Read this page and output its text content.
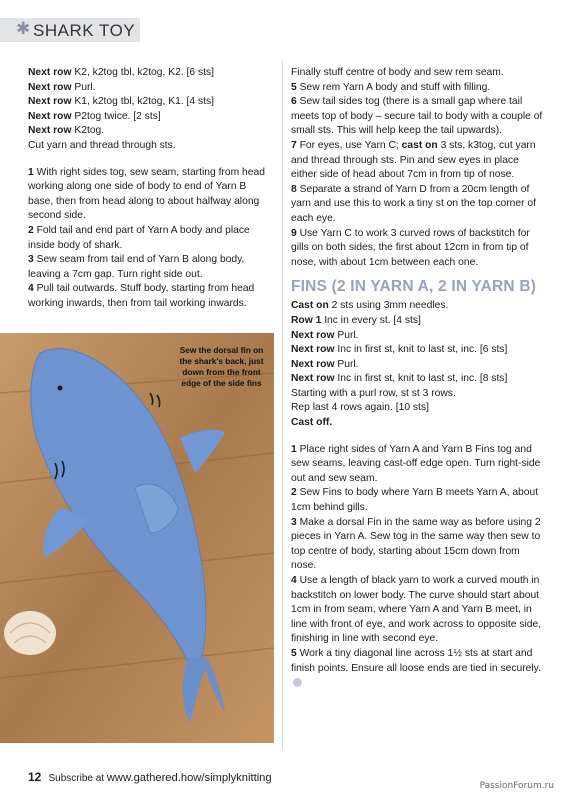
✱ SHARK TOY

Next row K2, k2tog tbl, k2tog, K2. [6 sts]

Next row Purl.

Next row K1, k2tog tbl, k2tog, K1. [4 sts]

Next row P2tog twice. [2 sts]

Next row K2tog.

Cut yarn and thread through sts.

1 With right sides tog, sew seam, starting from head working along one side of body to end of Yarn B base, then from head along to about halfway along second side.

2 Fold tail and end part of Yarn A body and place inside body of shark.

3 Sew seam from tail end of Yarn B along body, leaving a 7cm gap. Turn right side out.

4 Pull tail outwards. Stuff body, starting from head working inwards, then from tail working inwards.

Sew the dorsal fin on the shark's back, just down from the front edge of the side fins

Finally stuff centre of body and sew rem seam.

5 Sew rem Yarn A body and stuff with filling.

6 Sew tail sides tog (there is a small gap where tail meets top of body – secure tail to body with a couple of small sts. This will help keep the tail upwards).

7 For eyes, use Yarn C; cast on 3 sts, k3tog, cut yarn and thread through sts. Pin and sew eyes in place either side of head about 7cm in from tip of nose.

8 Separate a strand of Yarn D from a 20cm length of yarn and use this to work a tiny st on the top corner of each eye.

9 Use Yarn C to work 3 curved rows of backstitch for gills on both sides, the first about 12cm in from tip of nose, with about 1cm between each one.

FINS (2 IN YARN A, 2 IN YARN B)

Cast on 2 sts using 3mm needles.

Row 1 Inc in every st. [4 sts]

Next row Purl.

Next row Inc in first st, knit to last st, inc. [6 sts]

Next row Purl.

Next row Inc in first st, knit to last st, inc. [8 sts]

Starting with a purl row, st st 3 rows.

Rep last 4 rows again. [10 sts]

Cast off.

1 Place right sides of Yarn A and Yarn B Fins tog and sew seams, leaving cast-off edge open. Turn right-side out and sew seam.

2 Sew Fins to body where Yarn B meets Yarn A, about 1cm behind gills.

3 Make a dorsal Fin in the same way as before using 2 pieces in Yarn A. Sew tog in the same way then sew to top centre of body, starting about 15cm down from nose.

4 Use a length of black yarn to work a curved mouth in backstitch on lower body. The curve should start about 1cm in from seam, where Yarn A and Yarn B meet, in line with front of eye, and work across to opposite side, finishing in line with second eye.

5 Work a tiny diagonal line across 1½ sts at start and finish points. Ensure all loose ends are tied in securely.

12 Subscribe at www.gathered.how/simplyknitting
PassionForum.ru
